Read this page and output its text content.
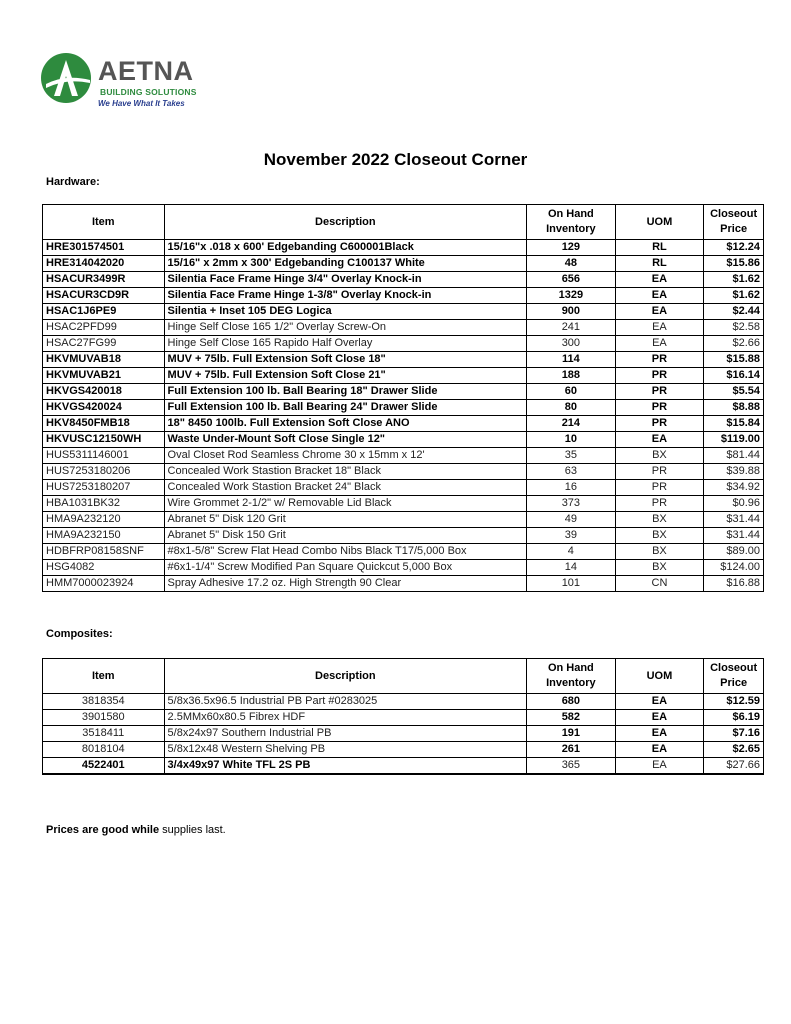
AETNA
BUILDING SOLUTIONS
We Have What It Takes
November 2022 Closeout Corner
Hardware:
Item	Description	On Hand
Inventory	UOM	Closeout
Price
HRE301574501	15/16"x .018 x 600' Edgebanding C600001Black	129	RL	$12.24
HRE314042020	15/16" x 2mm x 300' Edgebanding C100137 White	48	RL	$15.86
HSACUR3499R	Silentia Face Frame Hinge 3/4" Overlay Knock-in	656	EA	$1.62
HSACUR3CD9R	Silentia Face Frame Hinge 1-3/8" Overlay Knock-in	1329	EA	$1.62
HSAC1J6PE9	Silentia + Inset 105 DEG Logica	900	EA	$2.44
HSAC2PFD99	Hinge Self Close 165 1/2" Overlay Screw-On	241	EA	$2.58
HSAC27FG99	Hinge Self Close 165 Rapido Half Overlay	300	EA	$2.66
HKVMUVAB18	MUV + 75lb. Full Extension Soft Close 18"	114	PR	$15.88
HKVMUVAB21	MUV + 75lb. Full Extension Soft Close 21"	188	PR	$16.14
HKVGS420018	Full Extension 100 lb. Ball Bearing 18" Drawer Slide	60	PR	$5.54
HKVGS420024	Full Extension 100 lb. Ball Bearing 24" Drawer Slide	80	PR	$8.88
HKV8450FMB18	18" 8450 100lb. Full Extension Soft Close ANO	214	PR	$15.84
HKVUSC12150WH	Waste Under-Mount Soft Close Single 12"	10	EA	$119.00
HUS5311146001	Oval Closet Rod Seamless Chrome 30 x 15mm x 12'	35	BX	$81.44
HUS7253180206	Concealed Work Stastion Bracket 18" Black	63	PR	$39.88
HUS7253180207	Concealed Work Stastion Bracket 24" Black	16	PR	$34.92
HBA1031BK32	Wire Grommet 2-1/2" w/ Removable Lid Black	373	PR	$0.96
HMA9A232120	Abranet 5" Disk 120 Grit	49	BX	$31.44
HMA9A232150	Abranet 5" Disk 150 Grit	39	BX	$31.44
HDBFRP08158SNF	#8x1-5/8" Screw Flat Head Combo Nibs Black T17/5,000 Box	4	BX	$89.00
HSG4082	#6x1-1/4" Screw Modified Pan Square Quickcut 5,000 Box	14	BX	$124.00
HMM7000023924	Spray Adhesive 17.2 oz. High Strength 90 Clear	101	CN	$16.88
Composites:
Item	Description	On Hand
Inventory	UOM	Closeout
Price
3818354	5/8x36.5x96.5 Industrial PB Part #0283025	680	EA	$12.59
3901580	2.5MMx60x80.5 Fibrex HDF	582	EA	$6.19
3518411	5/8x24x97 Southern Industrial PB	191	EA	$7.16
8018104	5/8x12x48 Western Shelving PB	261	EA	$2.65
4522401	3/4x49x97 White TFL 2S PB	365	EA	$27.66
Prices are good while supplies last.
